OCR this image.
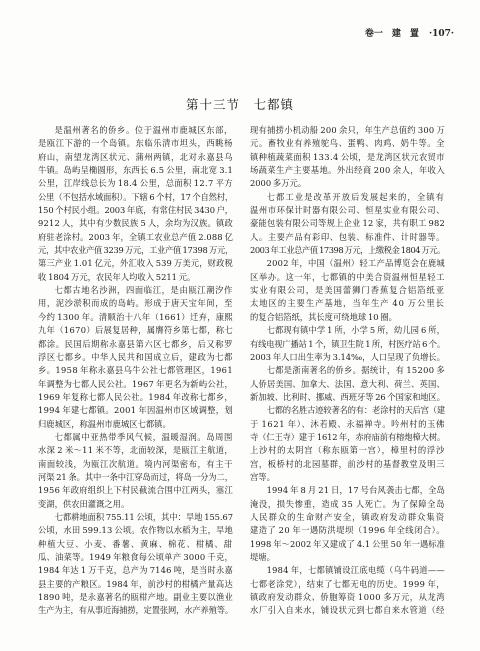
卷一　建　置 ·107·
第十三节　七都镇
是温州著名的侨乡。位于温州市鹿城区东部，
是瓯江下游的一个岛镇。东临乐清市坦头，西眺杨
府山，南望龙湾区状元、蒲州两镇，北对永嘉县乌
牛镇。岛屿呈椭圆形，东西长 6.5 公里，南北宽 3.1
公里，江岸线总长为 18.4 公里，总面积 12.7 平方
公里（不包括水域面积）。下辖 6 个村，17 个自然村，
150 个村民小组。2003 年底，有常住村民 3430 户，
9212 人，其中有少数民族 5 人，余均为汉族。镇政
府驻老涂村。2003 年，全镇工农业总产值 2.088 亿
元，其中农业产值 3239 万元，工业产值 17398 万元，
第三产业 1.01 亿元，外汇收入 539 万美元，财政税
收 1804 万元，农民年人均收入 5211 元。
七都古地名沙洲，四面临江，是由瓯江潮汐作
用，泥沙淤积而成的岛屿。形成于唐天宝年间，至
今约 1300 年。清顺治十八年（1661）迁弃，康熙
九年（1670）后展复居种，属膺符乡第七都，称七
都涂。民国后期称永嘉县第六区七都乡，后又称罗
浮区七都乡。中华人民共和国成立后，建政为七都
乡。1958 年称永嘉县乌牛公社七都管理区，1961
年调整为七都人民公社。1967 年更名为新屿公社，
1969 年复称七都人民公社。1984 年改称七都乡，
1994 年建七都镇。2001 年因温州市区域调整，划
归鹿城区，称温州市鹿城区七都镇。
七都属中亚热带季风气候，温暖湿润。岛周围
水深 2 米～11 米不等，北面较深，是瓯江主航道，
南面较浅，为瓯江次航道。境内河渠密布，有主干
河渠 21 条。其中一条中江穿岛而过，将岛一分为二，
1956 年政府组织上下村民截流合围中江两头，塞江
变湖，供农田灌溉之用。
七都耕地面积 755.11 公顷，其中：旱地 155.67
公顷，水田 599.13 公顷。农作物以水稻为主，旱地
种植大豆、小麦、番薯、黄麻、棉花、柑橘、甜
瓜、油菜等。1949 年粮食每公顷单产 3000 千克，
1984 年达 1 万千克，总产为 7146 吨，是当时永嘉
县主要的产粮区。1984 年，前沙村的柑橘产量高达
1890 吨，是永嘉著名的瓯柑产地。副业主要以渔业
生产为主，有从事近海捕捞，定置张网，水产养殖等。
现有捕捞小机动船 200 余只，年生产总值约 300 万
元。畜牧业有养殖鸵鸟、蛋鸭、肉鸡、奶牛等。全
镇种植蔬菜面积 133.4 公顷，是龙湾区状元农贸市
场蔬菜生产主要基地。外出经商 200 余人，年收入
2000 多万元。
七都工业是改革开放后发展起来的，全镇有
温州市环保计时器有限公司、恒星实业有限公司、
豪能包装有限公司等规上企业 12 家，共有职工 982
人。主要产品有彩印、包装、标准件、计时器等。
2003 年工业总产值 17398 万元，上缴税金 1804 万元。
2002 年，中国（温州）轻工产品博览会在鹿城
区举办。这一年，七都镇的中美合资温州恒星轻工
实业有限公司，是美国蕾狮门香蕉复合铝箔纸亚
太地区的主要生产基地，当年生产 40 万公里长
的复合铝箔纸，其长度可绕地球 10 圈。
七都现有镇中学 1 所，小学 5 所，幼儿园 6 所，
有线电视广播站 1 个，镇卫生院 1 所，村医疗站 6 个。
2003 年人口出生率为 3.14‰，人口呈现了负增长。
七都是浙南著名的侨乡。据统计，有 15200 多
人侨居美国、加拿大、法国、意大利、荷兰、英国、
新加坡、比利时、挪威、西班牙等 26 个国家和地区。
七都的名胜古迹较著名的有：老涂村的天后宫（建
于 1621 年）、沐若殿、永福禅寺。吟州村的玉佛
寺（仁王寺）建于 1612 年，赤府庙前有榕炮樟大树。
上沙村的太阴宫（称东瓯第一宫），樟里村的浮沙
宫，板桥村的北园墓群，前沙村的基督教堂及明三
宫等。
1994 年 8 月 21 日，17 号台风袭击七都，全岛
淹没，损失惨重，造成 35 人死亡。为了保障全岛
人民群众的生命财产安全，镇政府发动群众集资
建造了 20 年一遇防洪堤坝（1996 年全线闭合）。
1998 年～2002 年又建成了 4.1 公里 50 年一遇标准
堤塘。
1984 年，七都镇铺设江底电缆（乌牛码道——
七都老涂党），结束了七都无电的历史。1999 年，
镇政府发动群众、侨胞筹资 1000 多万元，从龙湾
水厂引入自来水，铺设状元到七都自来水管道（经
